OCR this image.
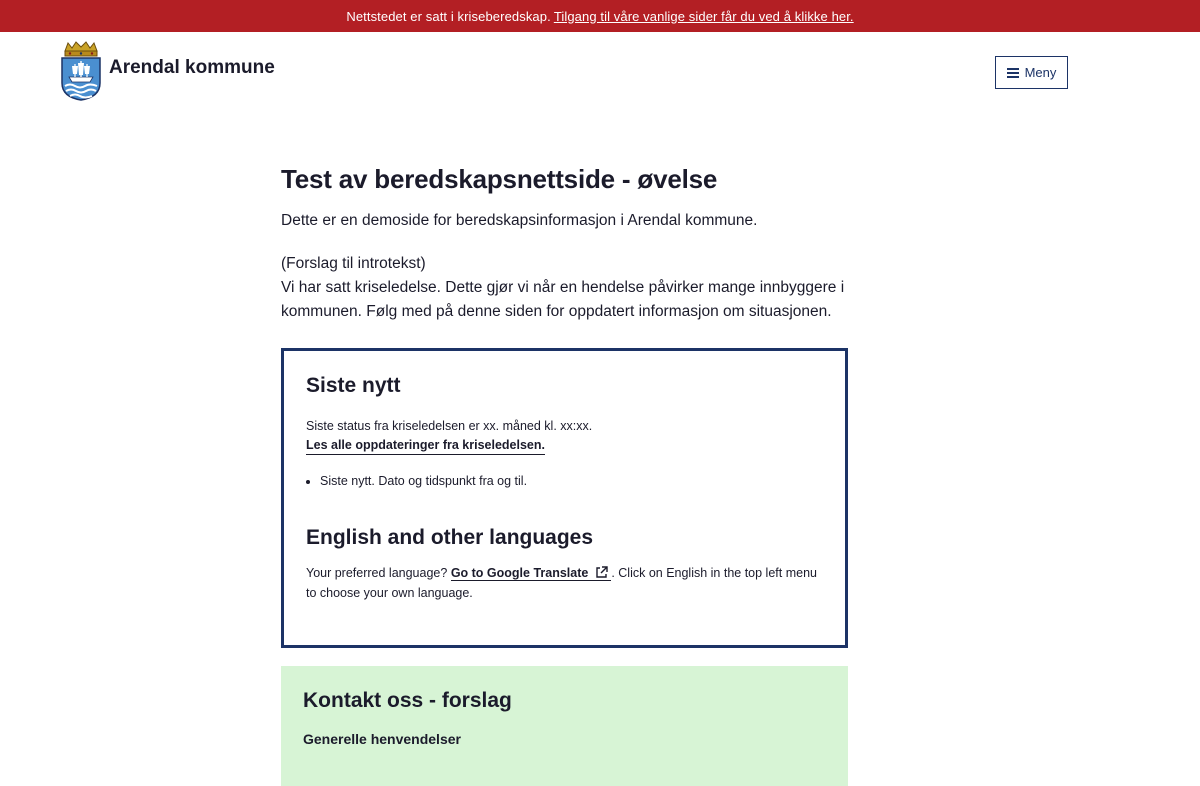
Nettstedet er satt i kriseberedskap. Tilgang til våre vanlige sider får du ved å klikke her.
Arendal kommune	Meny
Test av beredskapsnettside - øvelse

Dette er en demoside for beredskapsinformasjon i Arendal kommune.

(Forslag til introtekst)
Vi har satt kriseledelse. Dette gjør vi når en hendelse påvirker mange innbyggere i kommunen. Følg med på denne siden for oppdatert informasjon om situasjonen.

Siste nytt

Siste status fra kriseledelsen er xx. måned kl. xx:xx.

Les alle oppdateringer fra kriseledelsen.
• Siste nytt. Dato og tidspunkt fra og til.
English and other languages

Your preferred language? Go to Google Translate . Click on English in the top left menu to choose your own language.

Kontakt oss - forslag
Generelle henvendelser
